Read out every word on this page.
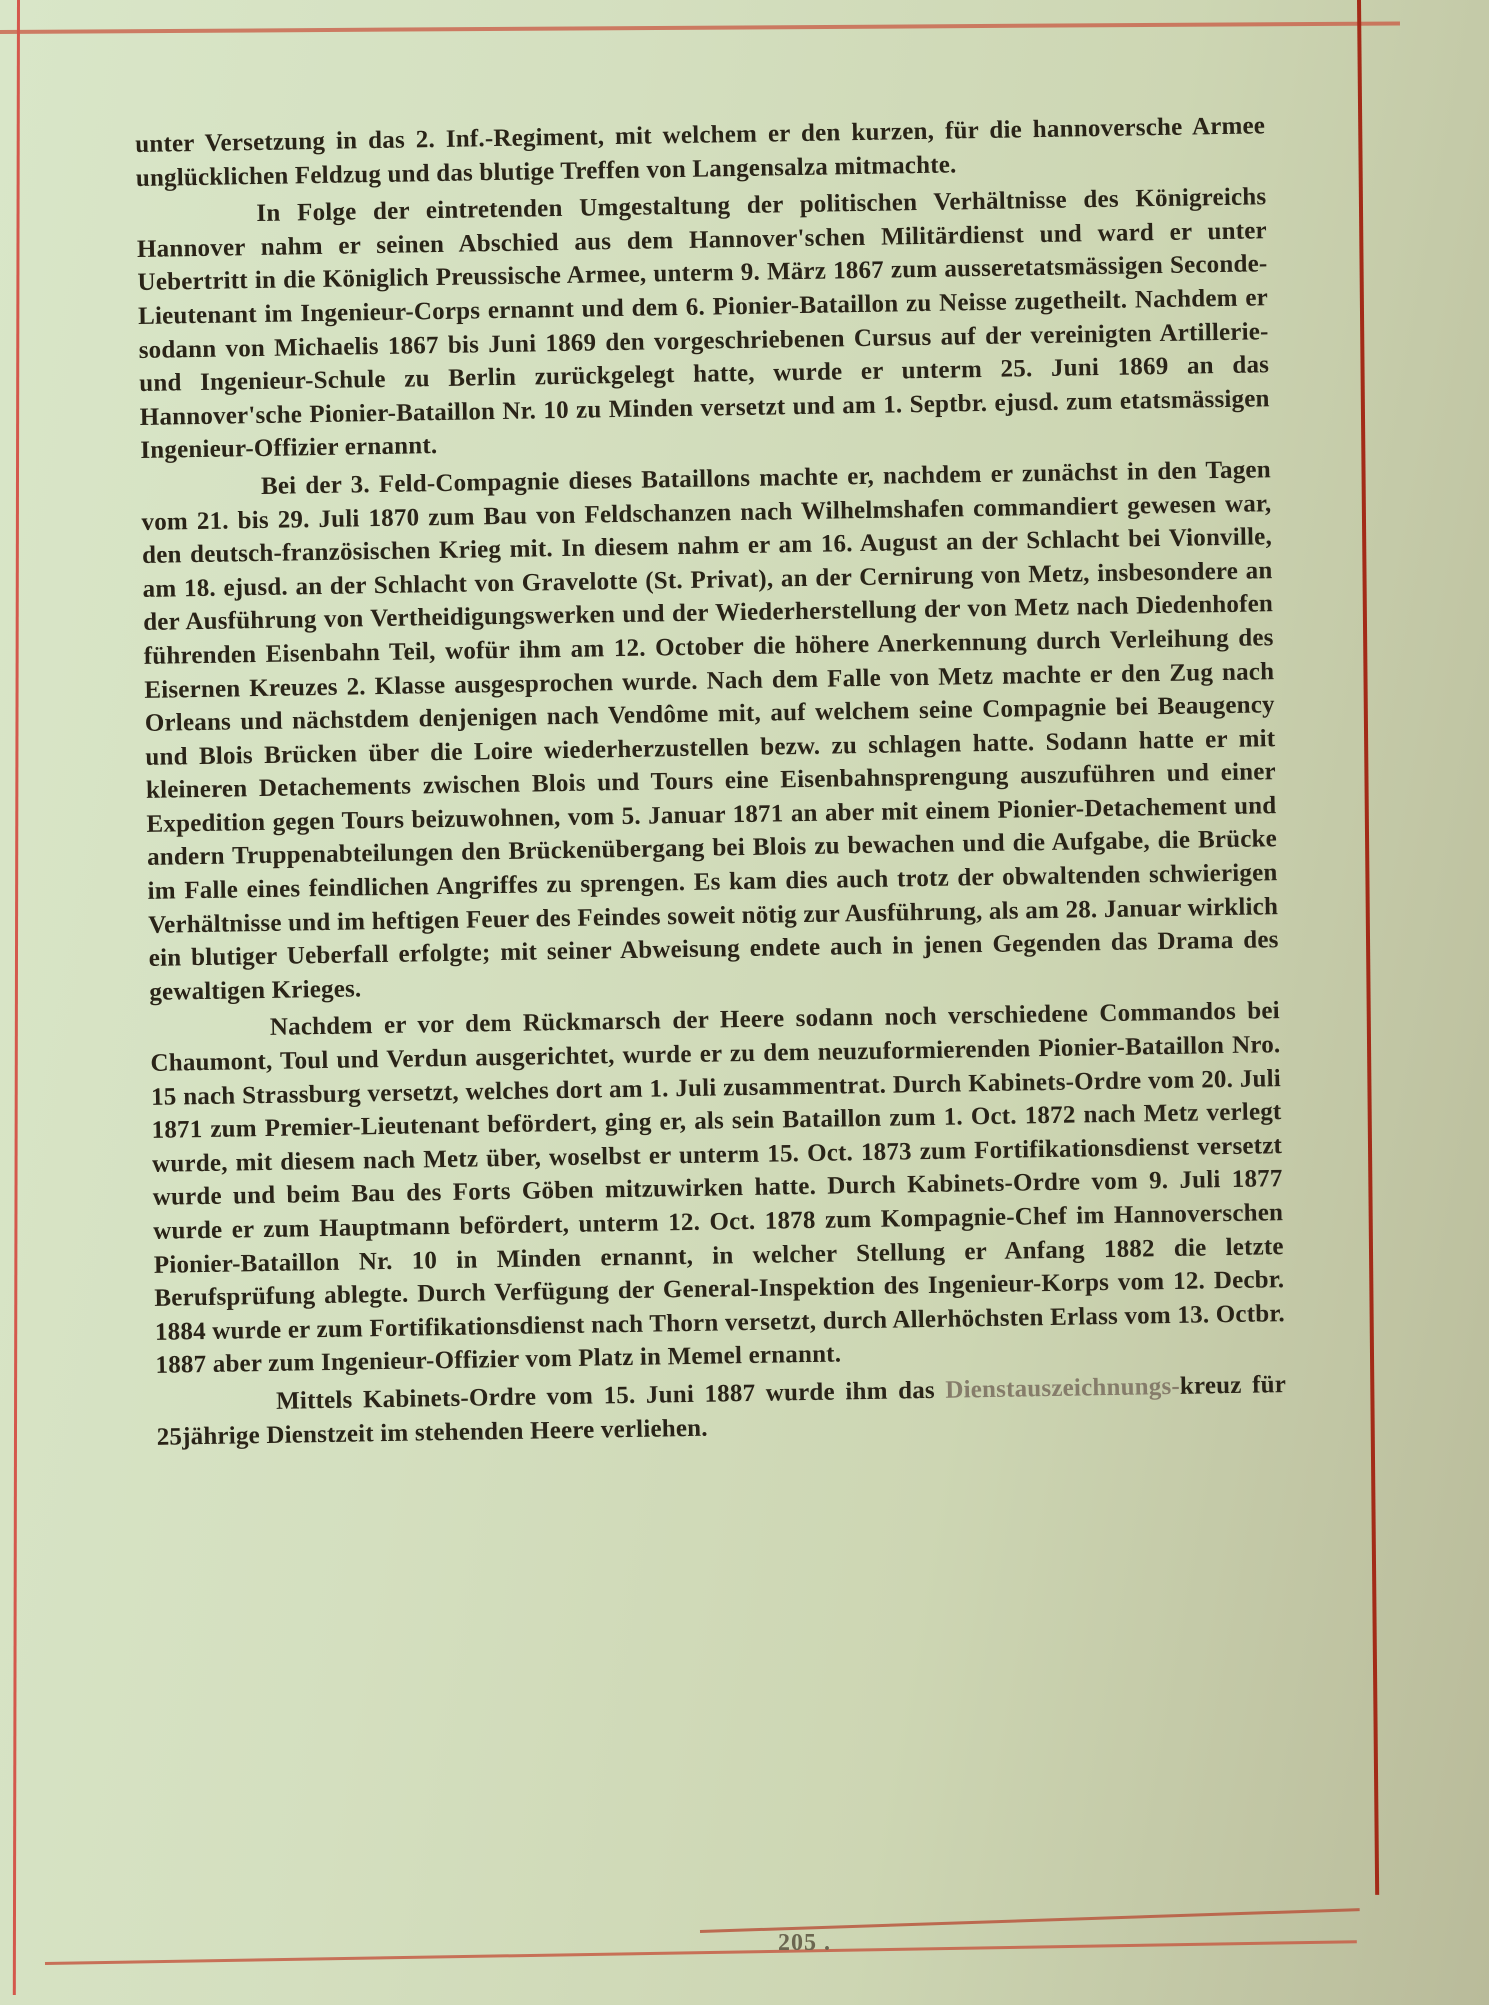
unter Versetzung in das 2. Inf.-Regiment, mit welchem er den kurzen, für die hannoversche Armee unglücklichen Feldzug und das blutige Treffen von Langensalza mitmachte.

In Folge der eintretenden Umgestaltung der politischen Verhältnisse des Königreichs Hannover nahm er seinen Abschied aus dem Hannover'schen Militärdienst und ward er unter Uebertritt in die Königlich Preussische Armee, unterm 9. März 1867 zum ausseretatsmässigen Seconde-Lieutenant im Ingenieur-Corps ernannt und dem 6. Pionier-Bataillon zu Neisse zugetheilt. Nachdem er sodann von Michaelis 1867 bis Juni 1869 den vorgeschriebenen Cursus auf der vereinigten Artillerie- und Ingenieur-Schule zu Berlin zurückgelegt hatte, wurde er unterm 25. Juni 1869 an das Hannover'sche Pionier-Bataillon Nr. 10 zu Minden versetzt und am 1. Septbr. ejusd. zum etatsmässigen Ingenieur-Offizier ernannt.

Bei der 3. Feld-Compagnie dieses Bataillons machte er, nachdem er zunächst in den Tagen vom 21. bis 29. Juli 1870 zum Bau von Feldschanzen nach Wilhelmshafen commandiert gewesen war, den deutsch-französischen Krieg mit. In diesem nahm er am 16. August an der Schlacht bei Vionville, am 18. ejusd. an der Schlacht von Gravelotte (St. Privat), an der Cernirung von Metz, insbesondere an der Ausführung von Vertheidigungswerken und der Wiederherstellung der von Metz nach Diedenhofen führenden Eisenbahn Teil, wofür ihm am 12. October die höhere Anerkennung durch Verleihung des Eisernen Kreuzes 2. Klasse ausgesprochen wurde. Nach dem Falle von Metz machte er den Zug nach Orleans und nächstdem denjenigen nach Vendôme mit, auf welchem seine Compagnie bei Beaugency und Blois Brücken über die Loire wiederherzustellen bezw. zu schlagen hatte. Sodann hatte er mit kleineren Detachements zwischen Blois und Tours eine Eisenbahnsprengung auszuführen und einer Expedition gegen Tours beizuwohnen, vom 5. Januar 1871 an aber mit einem Pionier-Detachement und andern Truppenabteilungen den Brückenübergang bei Blois zu bewachen und die Aufgabe, die Brücke im Falle eines feindlichen Angriffes zu sprengen. Es kam dies auch trotz der obwaltenden schwierigen Verhältnisse und im heftigen Feuer des Feindes soweit nötig zur Ausführung, als am 28. Januar wirklich ein blutiger Ueberfall erfolgte; mit seiner Abweisung endete auch in jenen Gegenden das Drama des gewaltigen Krieges.

Nachdem er vor dem Rückmarsch der Heere sodann noch verschiedene Commandos bei Chaumont, Toul und Verdun ausgerichtet, wurde er zu dem neuzuformierenden Pionier-Bataillon Nro. 15 nach Strassburg versetzt, welches dort am 1. Juli zusammentrat. Durch Kabinets-Ordre vom 20. Juli 1871 zum Premier-Lieutenant befördert, ging er, als sein Bataillon zum 1. Oct. 1872 nach Metz verlegt wurde, mit diesem nach Metz über, woselbst er unterm 15. Oct. 1873 zum Fortifikationsdienst versetzt wurde und beim Bau des Forts Göben mitzuwirken hatte. Durch Kabinets-Ordre vom 9. Juli 1877 wurde er zum Hauptmann befördert, unterm 12. Oct. 1878 zum Kompagnie-Chef im Hannoverschen Pionier-Bataillon Nr. 10 in Minden ernannt, in welcher Stellung er Anfang 1882 die letzte Berufsprüfung ablegte. Durch Verfügung der General-Inspektion des Ingenieur-Korps vom 12. Decbr. 1884 wurde er zum Fortifikationsdienst nach Thorn versetzt, durch Allerhöchsten Erlass vom 13. Octbr. 1887 aber zum Ingenieur-Offizier vom Platz in Memel ernannt.

Mittels Kabinets-Ordre vom 15. Juni 1887 wurde ihm das Dienstauszeichnungs-kreuz für 25jährige Dienstzeit im stehenden Heere verliehen.

205 .
